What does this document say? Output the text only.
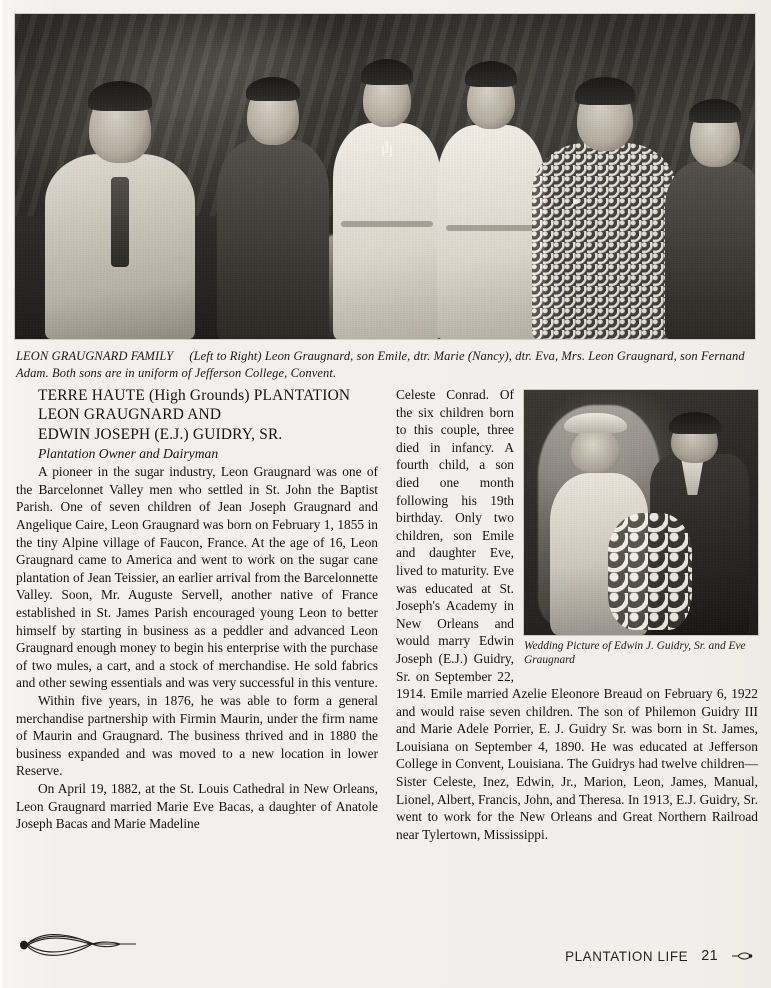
LEON GRAUGNARD FAMILY (Left to Right) Leon Graugnard, son Emile, dtr. Marie (Nancy), dtr. Eva, Mrs. Leon Graugnard, son Fernand Adam. Both sons are in uniform of Jefferson College, Convent.

TERRE HAUTE (High Grounds) PLANTATION

LEON GRAUGNARD AND

EDWIN JOSEPH (E.J.) GUIDRY, SR.

Plantation Owner and Dairyman

A pioneer in the sugar industry, Leon Graugnard was one of the Barcelonnet Valley men who settled in St. John the Baptist Parish. One of seven children of Jean Joseph Graugnard and Angelique Caire, Leon Graugnard was born on February 1, 1855 in the tiny Alpine village of Faucon, France. At the age of 16, Leon Graugnard came to America and went to work on the sugar cane plantation of Jean Teissier, an earlier arrival from the Barcelonnette Valley. Soon, Mr. Auguste Servell, another native of France established in St. James Parish encouraged young Leon to better himself by starting in business as a peddler and advanced Leon Graugnard enough money to begin his enterprise with the purchase of two mules, a cart, and a stock of merchandise. He sold fabrics and other sewing essentials and was very successful in this venture.

Within five years, in 1876, he was able to form a general merchandise partnership with Firmin Maurin, under the firm name of Maurin and Graugnard. The business thrived and in 1880 the business expanded and was moved to a new location in lower Reserve.

On April 19, 1882, at the St. Louis Cathedral in New Orleans, Leon Graugnard married Marie Eve Bacas, a daughter of Anatole Joseph Bacas and Marie Madeline

Wedding Picture of Edwin J. Guidry, Sr. and Eve Graugnard

Celeste Conrad. Of the six children born to this couple, three died in infancy. A fourth child, a son died one month following his 19th birthday. Only two children, son Emile and daughter Eve, lived to maturity. Eve was educated at St. Joseph's Academy in New Orleans and would marry Edwin Joseph (E.J.) Guidry, Sr. on September 22, 1914. Emile married Azelie Eleonore Breaud on February 6, 1922 and would raise seven children. The son of Philemon Guidry III and Marie Adele Porrier, E. J. Guidry Sr. was born in St. James, Louisiana on September 4, 1890. He was educated at Jefferson College in Convent, Louisiana. The Guidrys had twelve children—Sister Celeste, Inez, Edwin, Jr., Marion, Leon, James, Manual, Lionel, Albert, Francis, John, and Theresa. In 1913, E.J. Guidry, Sr. went to work for the New Orleans and Great Northern Railroad near Tylertown, Mississippi.

PLANTATION LIFE 21
